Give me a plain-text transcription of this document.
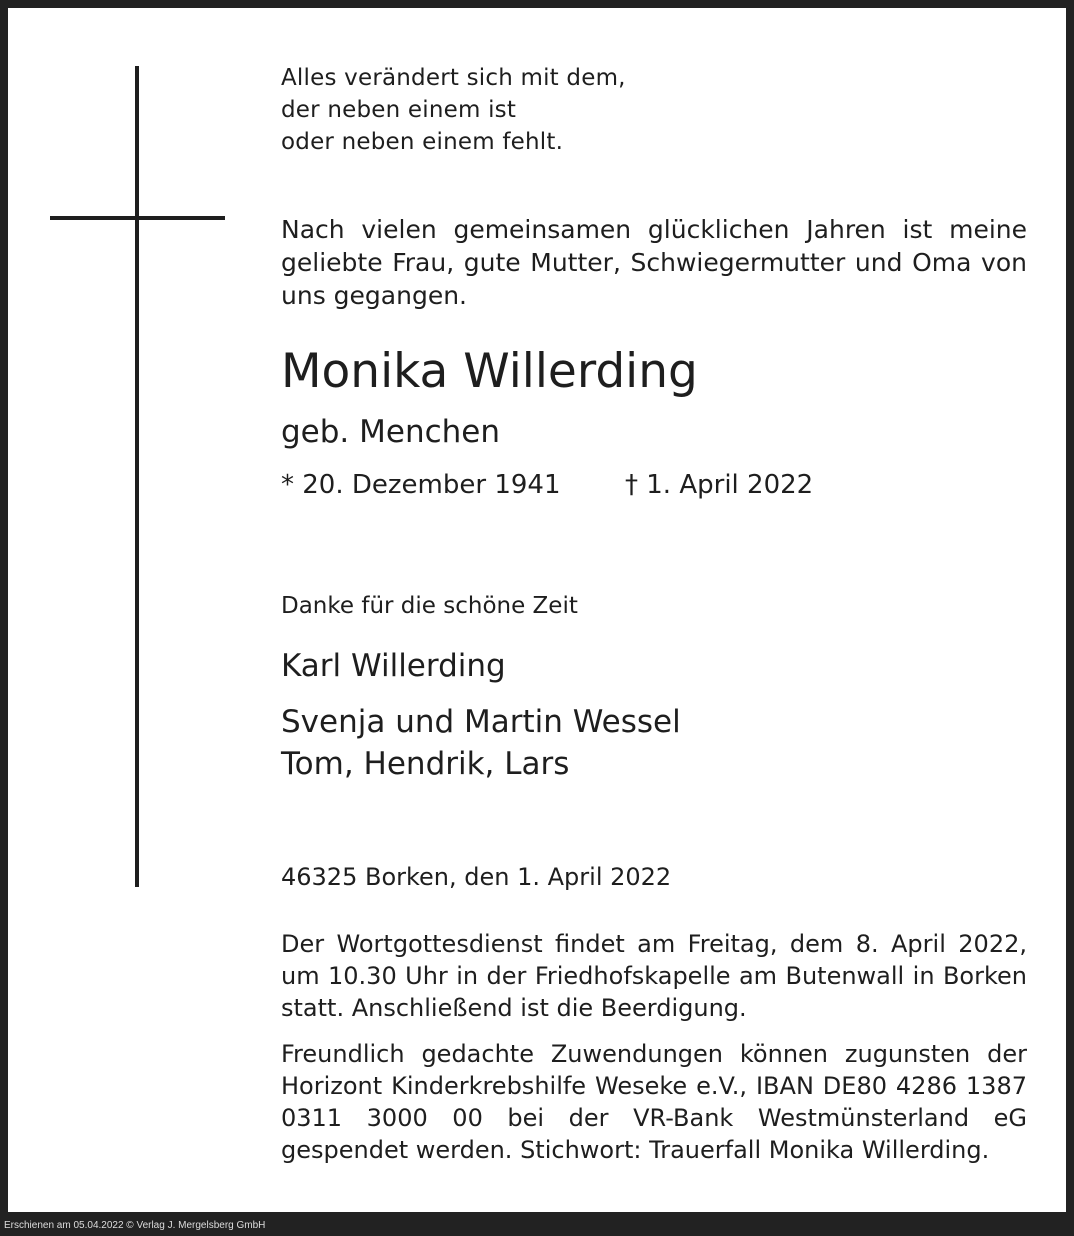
Alles verändert sich mit dem,
der neben einem ist
oder neben einem fehlt.
Nach vielen gemeinsamen glücklichen Jahren ist meine geliebte Frau, gute Mutter, Schwiegermutter und Oma von uns gegangen.
Monika Willerding
geb. Menchen
* 20. Dezember 1941 † 1. April 2022
Danke für die schöne Zeit
Karl Willerding
Svenja und Martin Wessel
Tom, Hendrik, Lars
46325 Borken, den 1. April 2022
Der Wortgottesdienst findet am Freitag, dem 8. April 2022, um 10.30 Uhr in der Friedhofskapelle am Butenwall in Borken statt. Anschließend ist die Beerdigung.
Freundlich gedachte Zuwendungen können zugunsten der Horizont Kinderkrebshilfe Weseke e.V., IBAN DE80 4286 1387 0311 3000 00 bei der VR-Bank Westmünsterland eG gespendet werden. Stichwort: Trauerfall Monika Willerding.
Erschienen am 05.04.2022 © Verlag J. Mergelsberg GmbH
